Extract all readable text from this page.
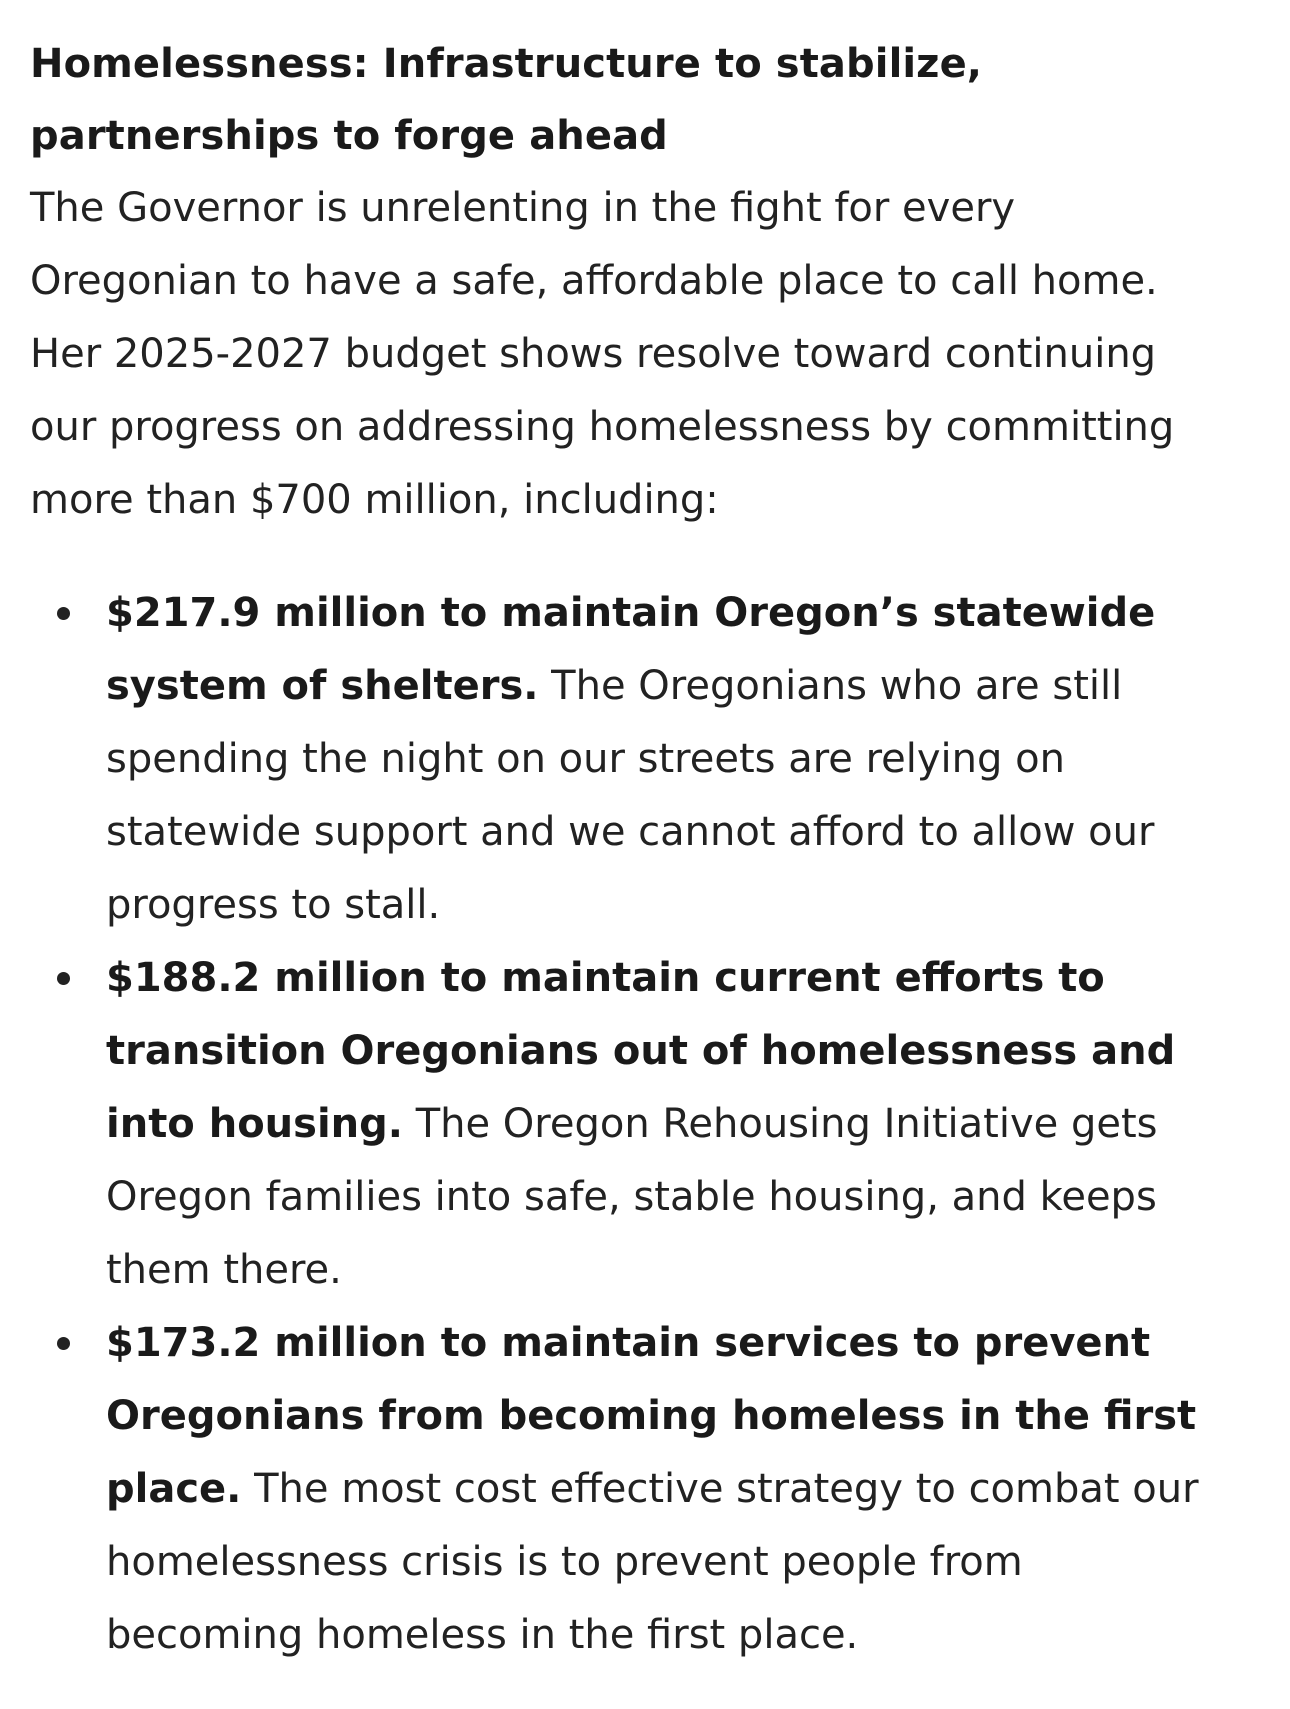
Homelessness: Infrastructure to stabilize, partnerships to forge ahead

The Governor is unrelenting in the fight for every Oregonian to have a safe, affordable place to call home. Her 2025-2027 budget shows resolve toward continuing our progress on addressing homelessness by committing more than $700 million, including:

$217.9 million to maintain Oregon’s statewide system of shelters. The Oregonians who are still spending the night on our streets are relying on statewide support and we cannot afford to allow our progress to stall.
$188.2 million to maintain current efforts to transition Oregonians out of homelessness and into housing. The Oregon Rehousing Initiative gets Oregon families into safe, stable housing, and keeps them there.
$173.2 million to maintain services to prevent Oregonians from becoming homeless in the first place. The most cost effective strategy to combat our homelessness crisis is to prevent people from becoming homeless in the first place.
